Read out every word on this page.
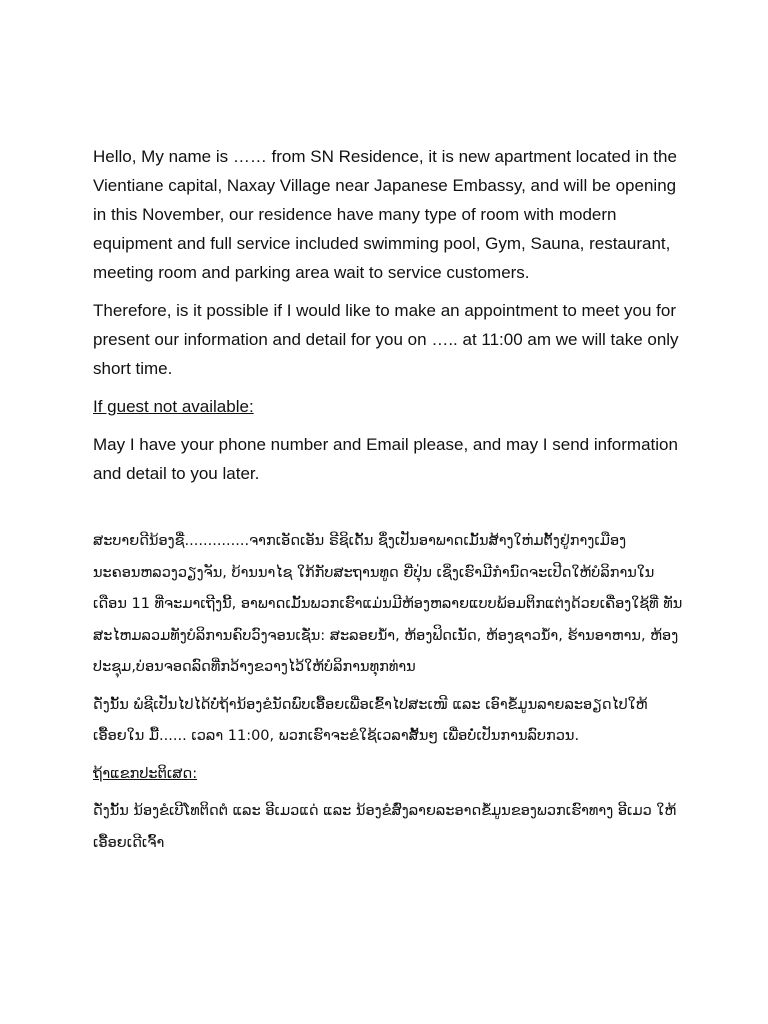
Hello, My name is …… from SN Residence, it is new apartment located in the Vientiane capital, Naxay Village near Japanese Embassy, and will be opening in this November, our residence have many type of room with modern equipment and full service included swimming pool, Gym, Sauna, restaurant, meeting room and parking area wait to service customers.

Therefore, is it possible if I would like to make an appointment to meet you for present our information and detail for you on ….. at 11:00 am we will take only short time.

If guest not available:

May I have your phone number and Email please, and may I send information and detail to you later.

ສະບາຍດີນ້ອງຊື່..............ຈາກເອັດເອັນ ຣີຊິເດັ້ນ ຊຶ່ງເປັນອາພາດເມັ້ນສ້າງໃຫ່ມຕັ້ງຢູ່ກາງເມືອງ ນະຄອນຫລວງວຽງຈັນ, ບ້ານນາໄຊ ໃກ້ກັບສະຖານທູດ ຍີ່ປຸ່ນ ເຊິ່ງເຮົາມີກຳນົດຈະເປີດໃຫ້ບໍລິການໃນ ເດືອນ 11 ທີ່ຈະມາເຖີງນີ້, ອາພາດເມັ້ນພວກເຮົາແມ່ນມີຫ້ອງຫລາຍແບບພ້ອມຕິກແຕ່ງດ້ວຍເຄື່ອງໃຊ້ທີ່ ທັນສະໄຫມລວມທັງບໍລິການຄົບວົງຈອນເຊັ່ນ: ສະລອຍນ້ຳ, ຫ້ອງຟິດເນັດ, ຫ້ອງຊາວນ້ຳ, ຮ້ານອາຫານ, ຫ້ອງປະຊຸມ,ບ່ອນຈອດລົດທີ່ກວ້າງຂວາງໄວ້ໃຫ້ບໍລິການທຸກທ່ານ

ດັ່ງນັ້ນ ພໍຊີເປັນໄປໄດ້ບໍ່ຖ້ານ້ອງຂໍນັດພົບເອື້ອຍເພື່ອເຂົ້າໄປສະເໜີ ແລະ ເອົາຂໍ້ມູນລາຍລະອຽດໄປໃຫ້ ເອື້ອຍໃນ ມື້...... ເວລາ 11:00, ພວກເຮົາຈະຂໍໃຊ້ເວລາສັ້ນໆ ເພື່ອບໍ່ເປັນການລົບກວນ.

ຖ້າແຂກປະຕິເສດ:

ດັ່ງນັ້ນ ນ້ອງຂໍເບີໂທຕິດຕໍ ແລະ ອີເມວແດ່ ແລະ ນ້ອງຂໍສົ່ງລາຍລະອາດຂໍ້ມູນຂອງພວກເຮົາທາງ ອີເມວ ໃຫ້ເອື້ອຍເດີເຈົ້າ
